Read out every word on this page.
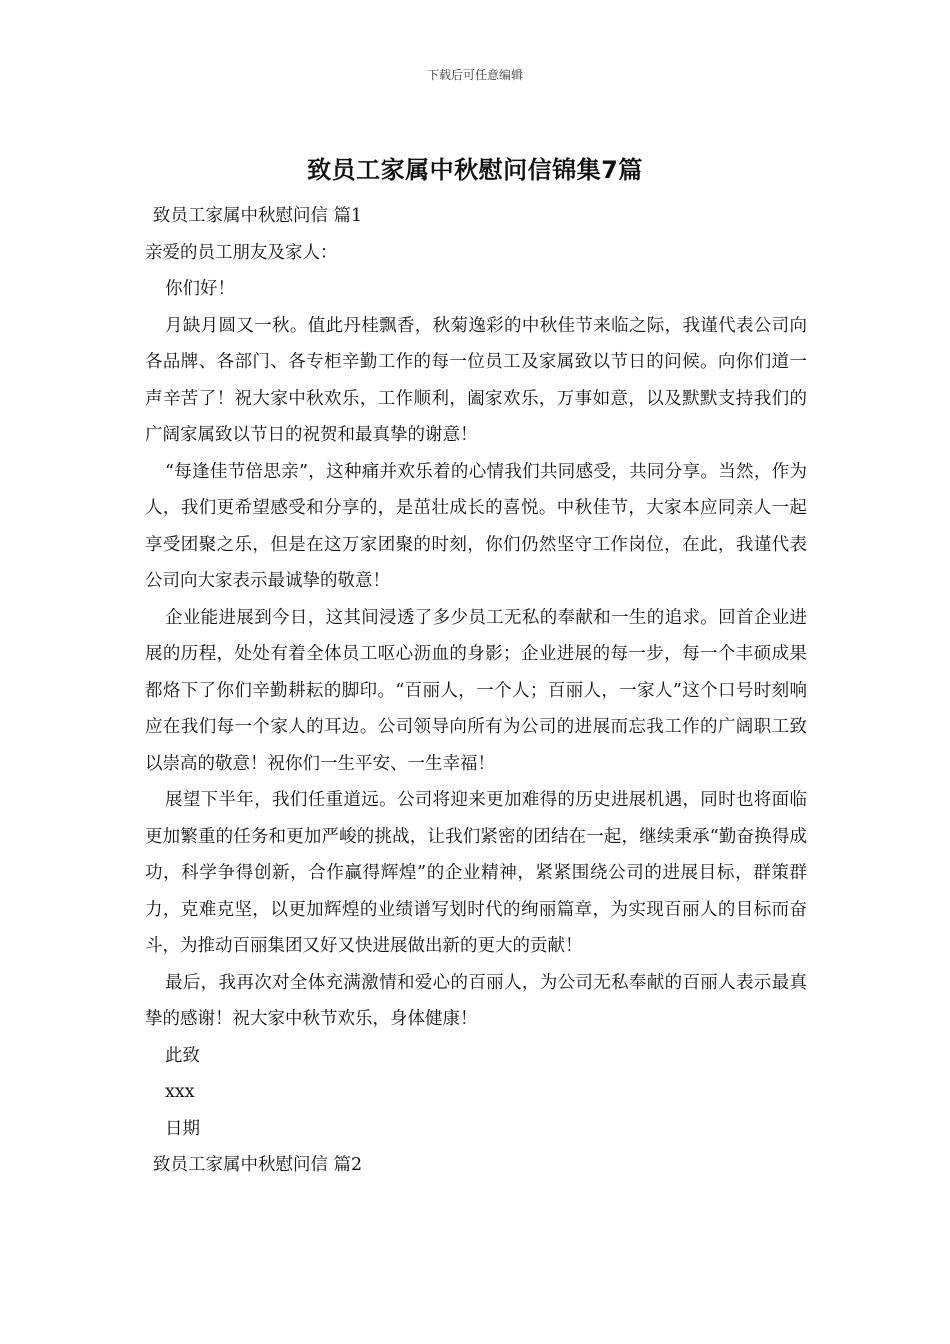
下载后可任意编辑
致员工家属中秋慰问信锦集7篇

致员工家属中秋慰问信 篇1

亲爱的员工朋友及家人：

你们好！

月缺月圆又一秋。值此丹桂飘香，秋菊逸彩的中秋佳节来临之际，我谨代表公司向各品牌、各部门、各专柜辛勤工作的每一位员工及家属致以节日的问候。向你们道一声辛苦了！祝大家中秋欢乐，工作顺利，阖家欢乐，万事如意，以及默默支持我们的广阔家属致以节日的祝贺和最真挚的谢意！

“每逢佳节倍思亲”，这种痛并欢乐着的心情我们共同感受，共同分享。当然，作为人，我们更希望感受和分享的，是茁壮成长的喜悦。中秋佳节，大家本应同亲人一起享受团聚之乐，但是在这万家团聚的时刻，你们仍然坚守工作岗位，在此，我谨代表公司向大家表示最诚挚的敬意！

企业能进展到今日，这其间浸透了多少员工无私的奉献和一生的追求。回首企业进展的历程，处处有着全体员工呕心沥血的身影；企业进展的每一步，每一个丰硕成果都烙下了你们辛勤耕耘的脚印。“百丽人，一个人；百丽人，一家人”这个口号时刻响应在我们每一个家人的耳边。公司领导向所有为公司的进展而忘我工作的广阔职工致以崇高的敬意！祝你们一生平安、一生幸福！

展望下半年，我们任重道远。公司将迎来更加难得的历史进展机遇，同时也将面临更加繁重的任务和更加严峻的挑战，让我们紧密的团结在一起，继续秉承“勤奋换得成功，科学争得创新，合作赢得辉煌”的企业精神，紧紧围绕公司的进展目标，群策群力，克难克坚，以更加辉煌的业绩谱写划时代的绚丽篇章，为实现百丽人的目标而奋斗，为推动百丽集团又好又快进展做出新的更大的贡献！

最后，我再次对全体充满激情和爱心的百丽人，为公司无私奉献的百丽人表示最真挚的感谢！祝大家中秋节欢乐，身体健康！

此致

xxx

日期

致员工家属中秋慰问信 篇2
